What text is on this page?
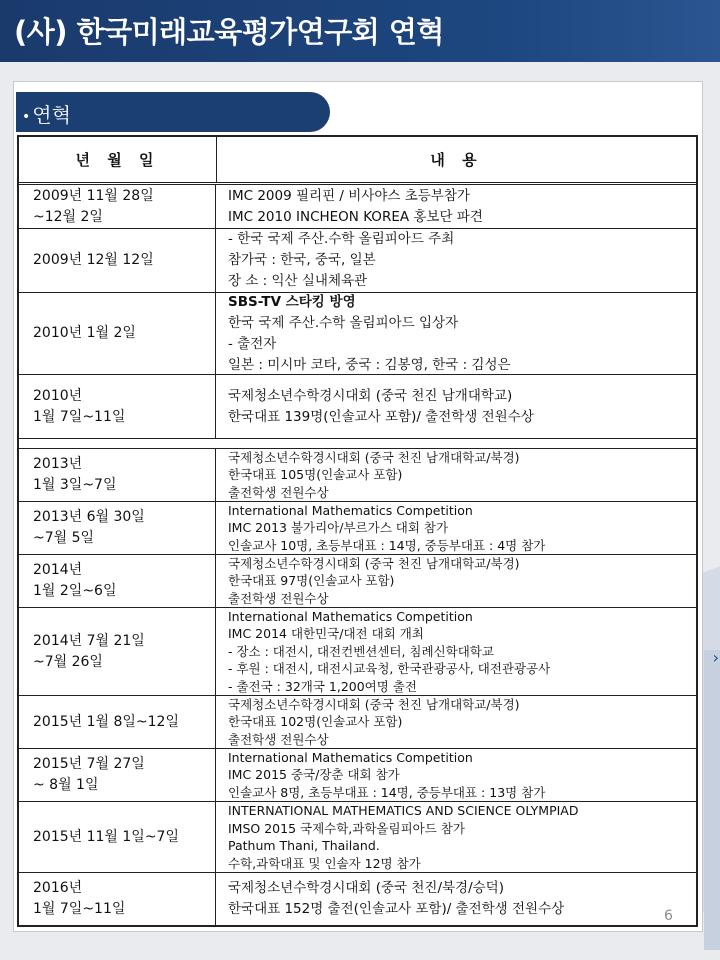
(사) 한국미래교육평가연구회 연혁
›
• 연혁
년 월 일	내 용
2009년 11월 28일
~12월 2일
IMC 2009 필리핀 / 비사야스 초등부참가
IMC 2010 INCHEON KOREA 홍보단 파견
2009년 12월 12일
- 한국 국제 주산.수학 올림피아드 주최
참가국 : 한국, 중국, 일본
장 소 : 익산 실내체육관
2010년 1월 2일
SBS-TV 스타킹 방영
한국 국제 주산.수학 올림피아드 입상자
- 출전자
일본 : 미시마 코타, 중국 : 김봉영, 한국 : 김성은
2010년
1월 7일~11일
국제청소년수학경시대회 (중국 천진 남개대학교)
한국대표 139명(인솔교사 포함)/ 출전학생 전원수상
2013년
1월 3일~7일
국제청소년수학경시대회 (중국 천진 남개대학교/북경)
한국대표 105명(인솔교사 포함)
출전학생 전원수상
2013년 6월 30일
~7월 5일
International Mathematics Competition
IMC 2013 불가리아/부르가스 대회 참가
인솔교사 10명, 초등부대표 : 14명, 중등부대표 : 4명 참가
2014년
1월 2일~6일
국제청소년수학경시대회 (중국 천진 남개대학교/북경)
한국대표 97명(인솔교사 포함)
출전학생 전원수상
2014년 7월 21일
~7월 26일
International Mathematics Competition
IMC 2014 대한민국/대전 대회 개최
- 장소 : 대전시, 대전컨벤션센터, 침례신학대학교
- 후원 : 대전시, 대전시교육청, 한국관광공사, 대전관광공사
- 출전국 : 32개국 1,200여명 출전
2015년 1월 8일~12일
국제청소년수학경시대회 (중국 천진 남개대학교/북경)
한국대표 102명(인솔교사 포함)
출전학생 전원수상
2015년 7월 27일
~ 8월 1일
International Mathematics Competition
IMC 2015 중국/장춘 대회 참가
인솔교사 8명, 초등부대표 : 14명, 중등부대표 : 13명 참가
2015년 11월 1일~7일
INTERNATIONAL MATHEMATICS AND SCIENCE OLYMPIAD
IMSO 2015 국제수학,과학올림피아드 참가
Pathum Thani, Thailand.
수학,과학대표 및 인솔자 12명 참가
2016년
1월 7일~11일
국제청소년수학경시대회 (중국 천진/북경/승덕)
한국대표 152명 출전(인솔교사 포함)/ 출전학생 전원수상	6
